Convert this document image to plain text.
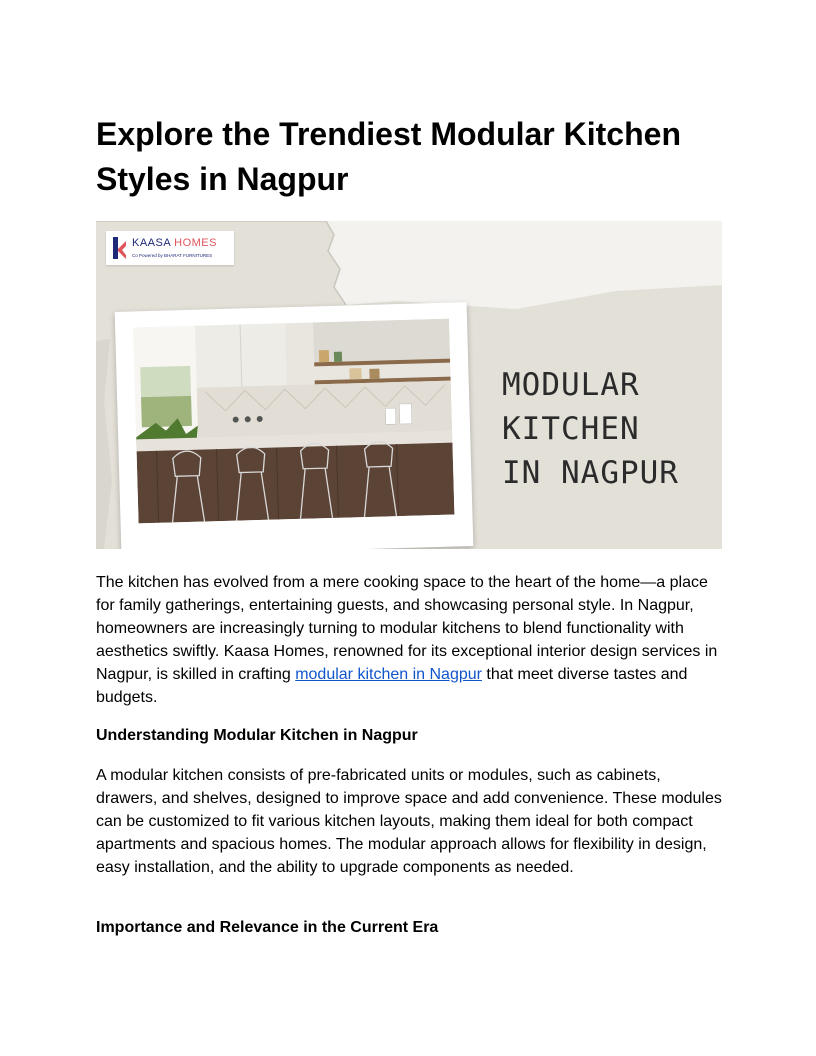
Explore the Trendiest Modular Kitchen Styles in Nagpur
KAASA HOMES
Co Powered by BHARAT FURNITURES
MODULAR
KITCHEN
IN NAGPUR

The kitchen has evolved from a mere cooking space to the heart of the home—a place for family gatherings, entertaining guests, and showcasing personal style. In Nagpur, homeowners are increasingly turning to modular kitchens to blend functionality with aesthetics swiftly. Kaasa Homes, renowned for its exceptional interior design services in Nagpur, is skilled in crafting modular kitchen in Nagpur that meet diverse tastes and budgets.

Understanding Modular Kitchen in Nagpur

A modular kitchen consists of pre-fabricated units or modules, such as cabinets, drawers, and shelves, designed to improve space and add convenience. These modules can be customized to fit various kitchen layouts, making them ideal for both compact apartments and spacious homes. The modular approach allows for flexibility in design, easy installation, and the ability to upgrade components as needed.

Importance and Relevance in the Current Era
